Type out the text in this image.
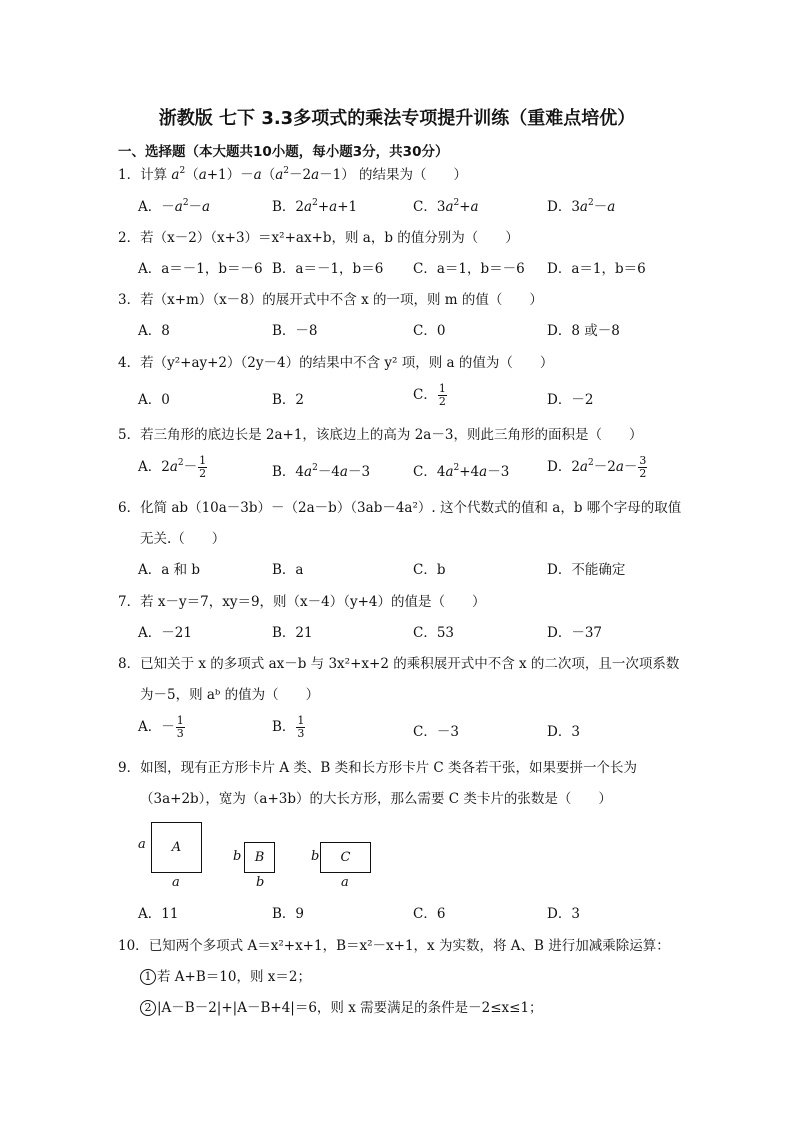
浙教版 七下 3.3多项式的乘法专项提升训练（重难点培优）
一、选择题（本大题共10小题，每小题3分，共30分）
1．计算 $a^2(a+1)-a(a^2-2a-1)$ 的结果为（　　）
A．$-a^2-a$	B．$2a^2+a+1$	C．$3a^2+a$	D．$3a^2-a$
2．若（x－2）（x+3）＝x²+ax+b，则 a，b 的值分别为（　　）
A．a＝－1，b＝－6 B．a＝－1，b＝6 C．a＝1，b＝－6 D．a＝1，b＝6
3．若（x+m）（x－8）的展开式中不含 x 的一项，则 m 的值（　　）
A．8	B．－8	C．0	D．8 或－8
4．若（y²+ay+2）（2y－4）的结果中不含 y² 项，则 a 的值为（　　）
A．0	B．2	C． $\frac{1}{2}$	D．－2
5．若三角形的底边长是 2a+1，该底边上的高为 2a－3，则此三角形的面积是（　　）
A．$2a^2- \frac{1}{2}$	B．$4a^2-4a-3$	C．$4a^2+4a-3$	D．$2a^2-2a- \frac{3}{2}$
6．化简 ab（10a－3b）－（2a－b）（3ab－4a²）. 这个代数式的值和 a，b 哪个字母的取值
无关.（　　）
A．a 和 b	B．a	C．b	D．不能确定
7．若 x－y＝7，xy＝9，则（x－4）（y+4）的值是（　　）
A．－21	B．21	C．53	D．－37
8．已知关于 x 的多项式 ax－b 与 3x²+x+2 的乘积展开式中不含 x 的二次项，且一次项系数
为－5，则 aᵇ 的值为（　　）
A．－ $\frac{1}{3}$	B． $\frac{1}{3}$	C．－3	D．3
9．如图，现有正方形卡片 A 类、B 类和长方形卡片 C 类各若干张，如果要拼一个长为
（3a+2b），宽为（a+3b）的大长方形，那么需要 C 类卡片的张数是（　　）
A
a
a
B
b
b
C
b
a
A．11	B．9	C．6	D．3
10．已知两个多项式 A＝x²+x+1，B＝x²－x+1，x 为实数，将 A、B 进行加减乘除运算：
1 若 A+B＝10，则 x＝2；
2 |A－B－2|+|A－B+4|＝6，则 x 需要满足的条件是－2≤x≤1；
